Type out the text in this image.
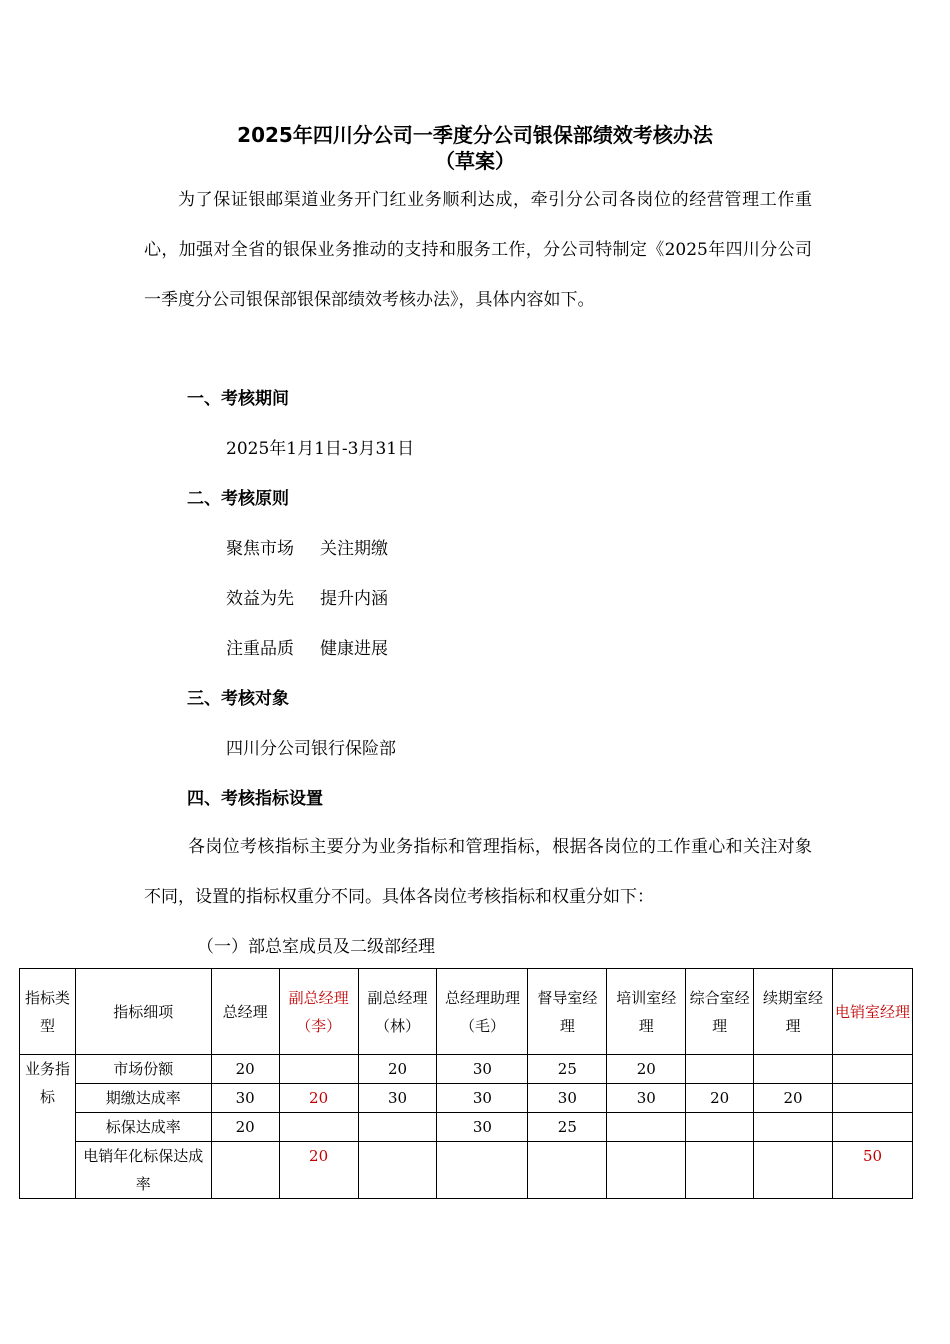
2025年四川分公司一季度分公司银保部绩效考核办法
（草案）
为了保证银邮渠道业务开门红业务顺利达成，牵引分公司各岗位的经营管理工作重心，加强对全省的银保业务推动的支持和服务工作，分公司特制定《2025年四川分公司一季度分公司银保部银保部绩效考核办法》，具体内容如下。
一、考核期间
2025年1月1日-3月31日
二、考核原则
聚焦市场 关注期缴
效益为先 提升内涵
注重品质 健康进展
三、考核对象
四川分公司银行保险部
四、考核指标设置
各岗位考核指标主要分为业务指标和管理指标，根据各岗位的工作重心和关注对象不同，设置的指标权重分不同。具体各岗位考核指标和权重分如下：
（一）部总室成员及二级部经理
指标类型	指标细项	总经理	副总经理（李）	副总经理（林）	总经理助理（毛）	督导室经理	培训室经理	综合室经理	续期室经理	电销室经理
业务指标	市场份额	20		20	30	25	20			
	期缴达成率	30	20	30	30	30	30	20	20	
	标保达成率	20			30	25				
	电销年化标保达成率		20							50
